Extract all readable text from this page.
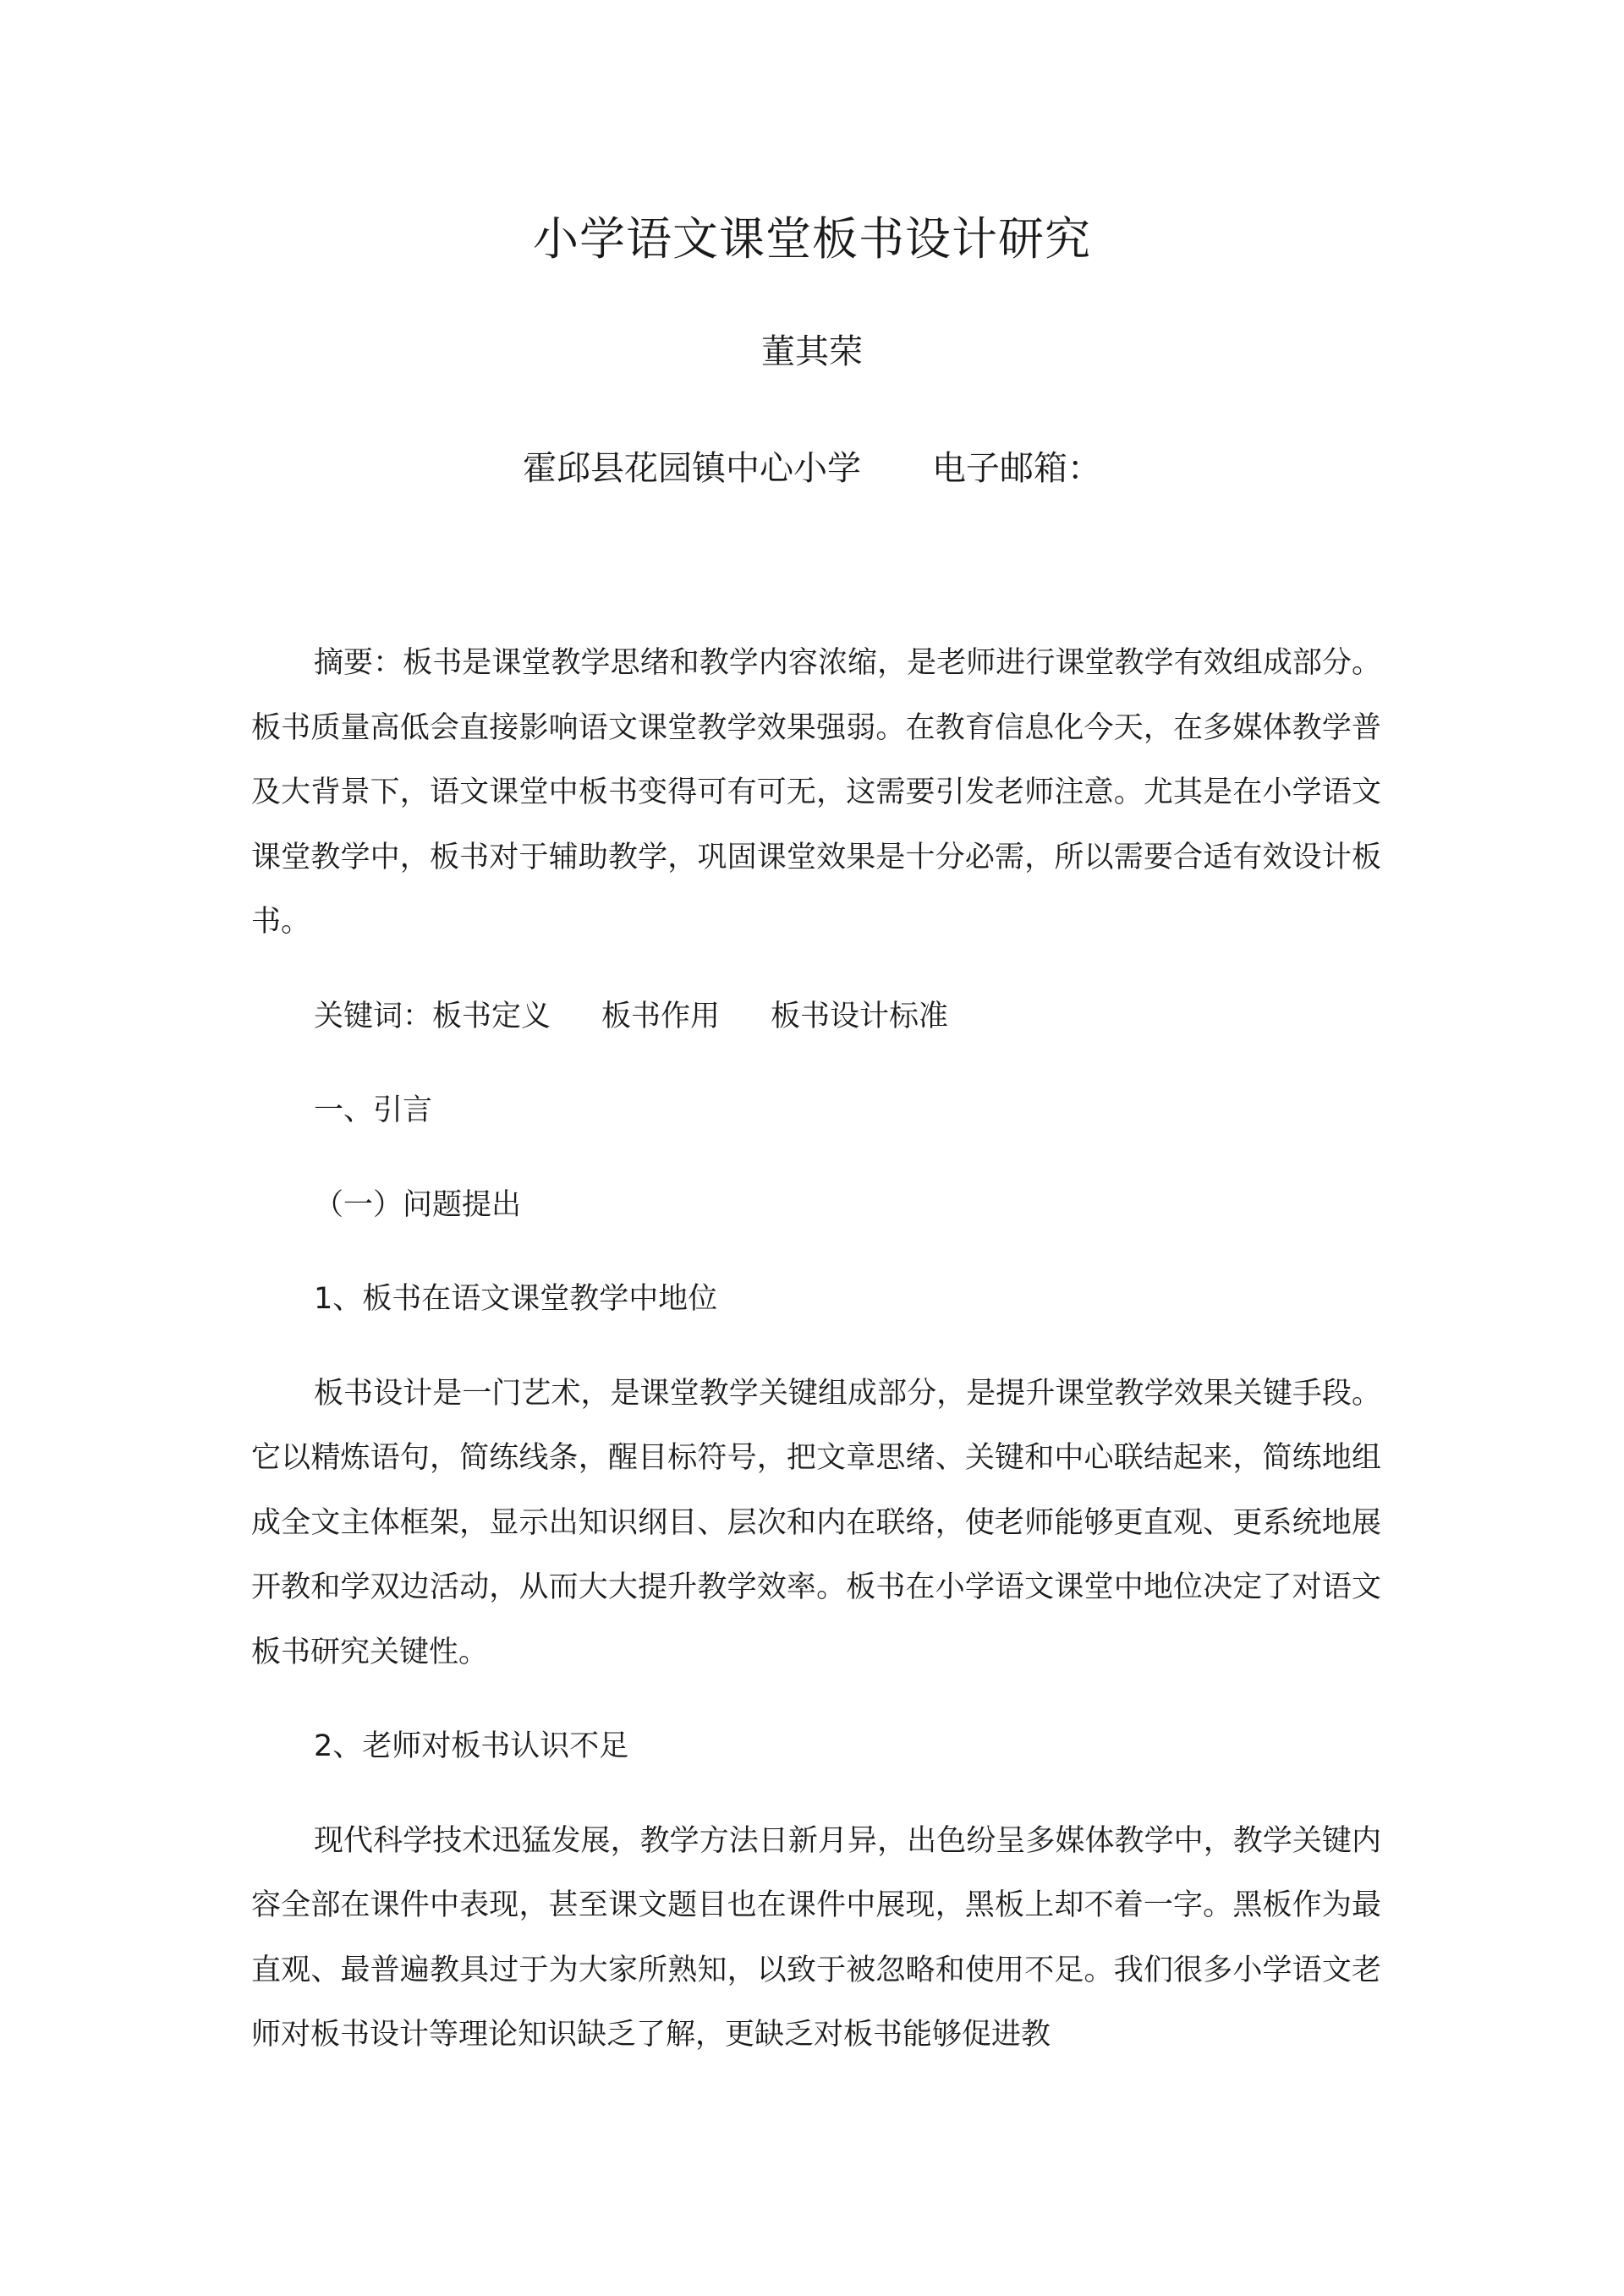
小学语文课堂板书设计研究
董其荣
霍邱县花园镇中心小学 电子邮箱：

摘要：板书是课堂教学思绪和教学内容浓缩，是老师进行课堂教学有效组成部分。板书质量高低会直接影响语文课堂教学效果强弱。在教育信息化今天，在多媒体教学普及大背景下，语文课堂中板书变得可有可无，这需要引发老师注意。尤其是在小学语文课堂教学中，板书对于辅助教学，巩固课堂效果是十分必需，所以需要合适有效设计板书。

关键词：板书定义 板书作用 板书设计标准
一、引言
（一）问题提出
1、板书在语文课堂教学中地位

板书设计是一门艺术，是课堂教学关键组成部分，是提升课堂教学效果关键手段。它以精炼语句，简练线条，醒目标符号，把文章思绪、关键和中心联结起来，简练地组成全文主体框架，显示出知识纲目、层次和内在联络，使老师能够更直观、更系统地展开教和学双边活动，从而大大提升教学效率。板书在小学语文课堂中地位决定了对语文板书研究关键性。

2、老师对板书认识不足

现代科学技术迅猛发展，教学方法日新月异，出色纷呈多媒体教学中，教学关键内容全部在课件中表现，甚至课文题目也在课件中展现，黑板上却不着一字。黑板作为最直观、最普遍教具过于为大家所熟知，以致于被忽略和使用不足。我们很多小学语文老师对板书设计等理论知识缺乏了解，更缺乏对板书能够促进教
